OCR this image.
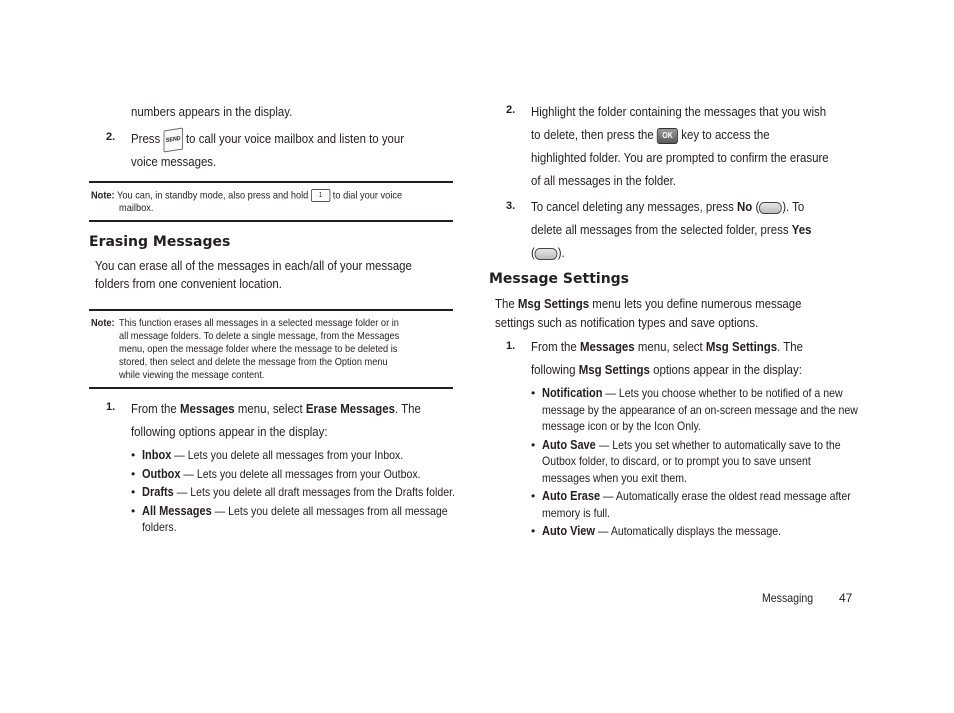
numbers appears in the display.
2. Press SEND to call your voice mailbox and listen to your
voice messages.
Note: You can, in standby mode, also press and hold 1 to dial your voice
mailbox.
Erasing Messages
You can erase all of the messages in each/all of your message
folders from one convenient location.
Note: This function erases all messages in a selected message folder or in
all message folders. To delete a single message, from the Messages
menu, open the message folder where the message to be deleted is
stored, then select and delete the message from the Option menu
while viewing the message content.
1. From the Messages menu, select Erase Messages. The
following options appear in the display:
• Inbox — Lets you delete all messages from your Inbox.
• Outbox — Lets you delete all messages from your Outbox.
• Drafts — Lets you delete all draft messages from the Drafts folder.
• All Messages — Lets you delete all messages from all message
folders.
2. Highlight the folder containing the messages that you wish
to delete, then press the OK key to access the
highlighted folder. You are prompted to confirm the erasure
of all messages in the folder.
3. To cancel deleting any messages, press No ( ). To
delete all messages from the selected folder, press Yes
( ).
Message Settings
The Msg Settings menu lets you define numerous message
settings such as notification types and save options.
1. From the Messages menu, select Msg Settings. The
following Msg Settings options appear in the display:
• Notification — Lets you choose whether to be notified of a new
message by the appearance of an on-screen message and the new
message icon or by the Icon Only.
• Auto Save — Lets you set whether to automatically save to the
Outbox folder, to discard, or to prompt you to save unsent
messages when you exit them.
• Auto Erase — Automatically erase the oldest read message after
memory is full.
• Auto View — Automatically displays the message.
Messaging	47
